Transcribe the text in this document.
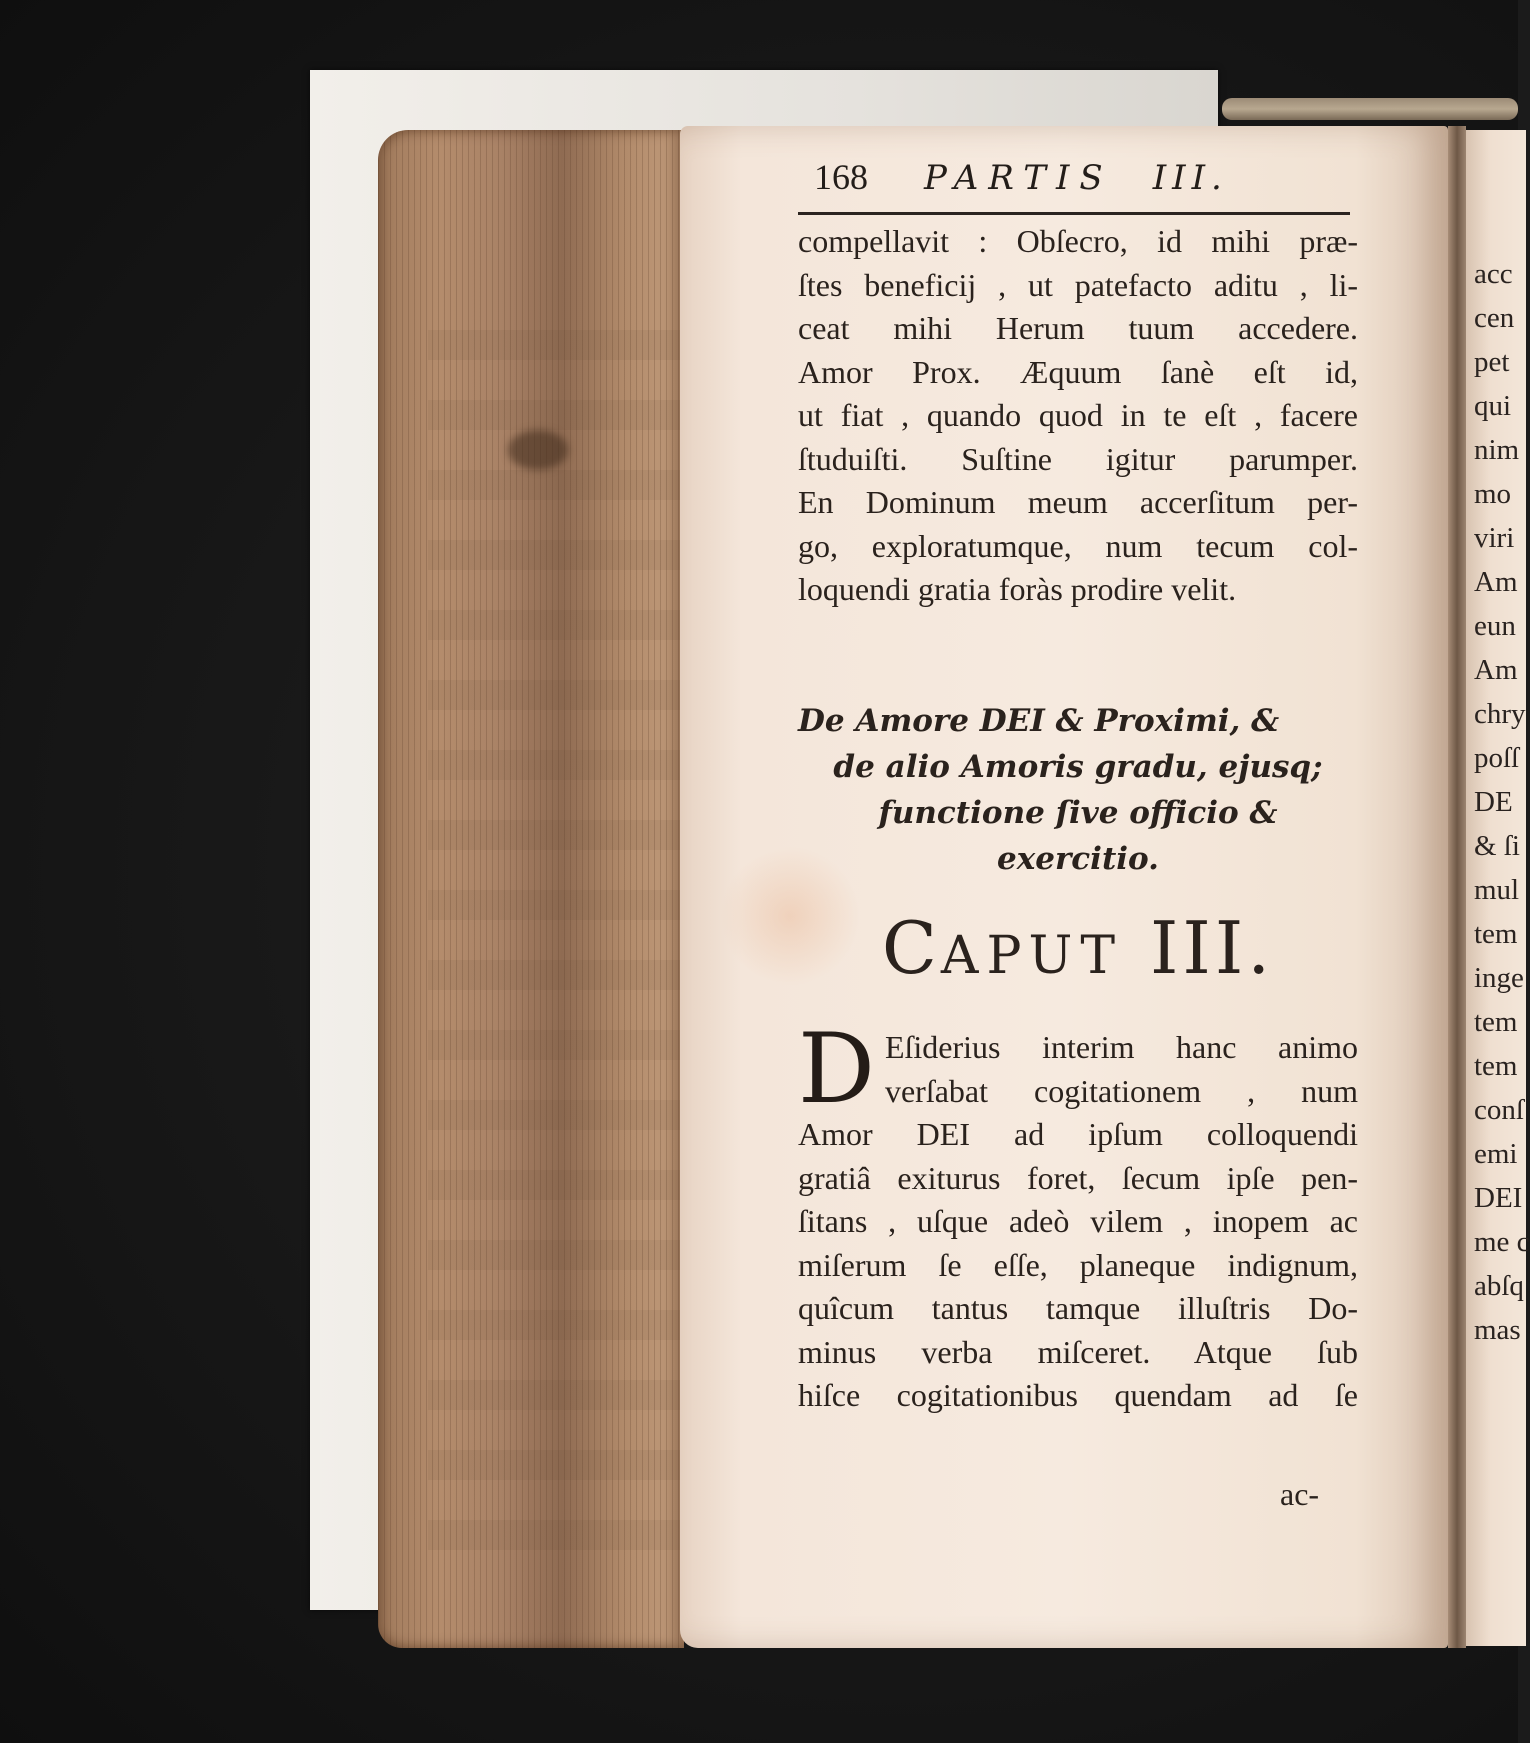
168 PARTIS III.
compellavit : Obſecro, id mihi præ-
ſtes beneficij , ut patefacto aditu , li-
ceat mihi Herum tuum accedere.
Amor Prox. Æquum ſanè eſt id,
ut fiat , quando quod in te eſt , facere
ſtuduiſti. Suſtine igitur parumper.
En Dominum meum accerſitum per-
go, exploratumque, num tecum col-
loquendi gratia foràs prodire velit.
De Amore DEI & Proximi, &
de alio Amoris gradu, ejusq;
functione ſive officio &
exercitio.
CAPUT III.
D Eſiderius interim hanc animo
verſabat cogitationem , num
Amor DEI ad ipſum colloquendi
gratiâ exiturus foret, ſecum ipſe pen-
ſitans , uſque adeò vilem , inopem ac
miſerum ſe eſſe, planeque indignum,
quîcum tantus tamque illuſtris Do-
minus verba miſceret. Atque ſub
hiſce cogitationibus quendam ad ſe
ac-
acc
cen
pet
qui
nim
mo
viri
Am
eun
Am
chry
poſſ
DE
& ſi
mul
tem
inge
tem
tem
conſ
emi
DEI
me c
abſq
mas
